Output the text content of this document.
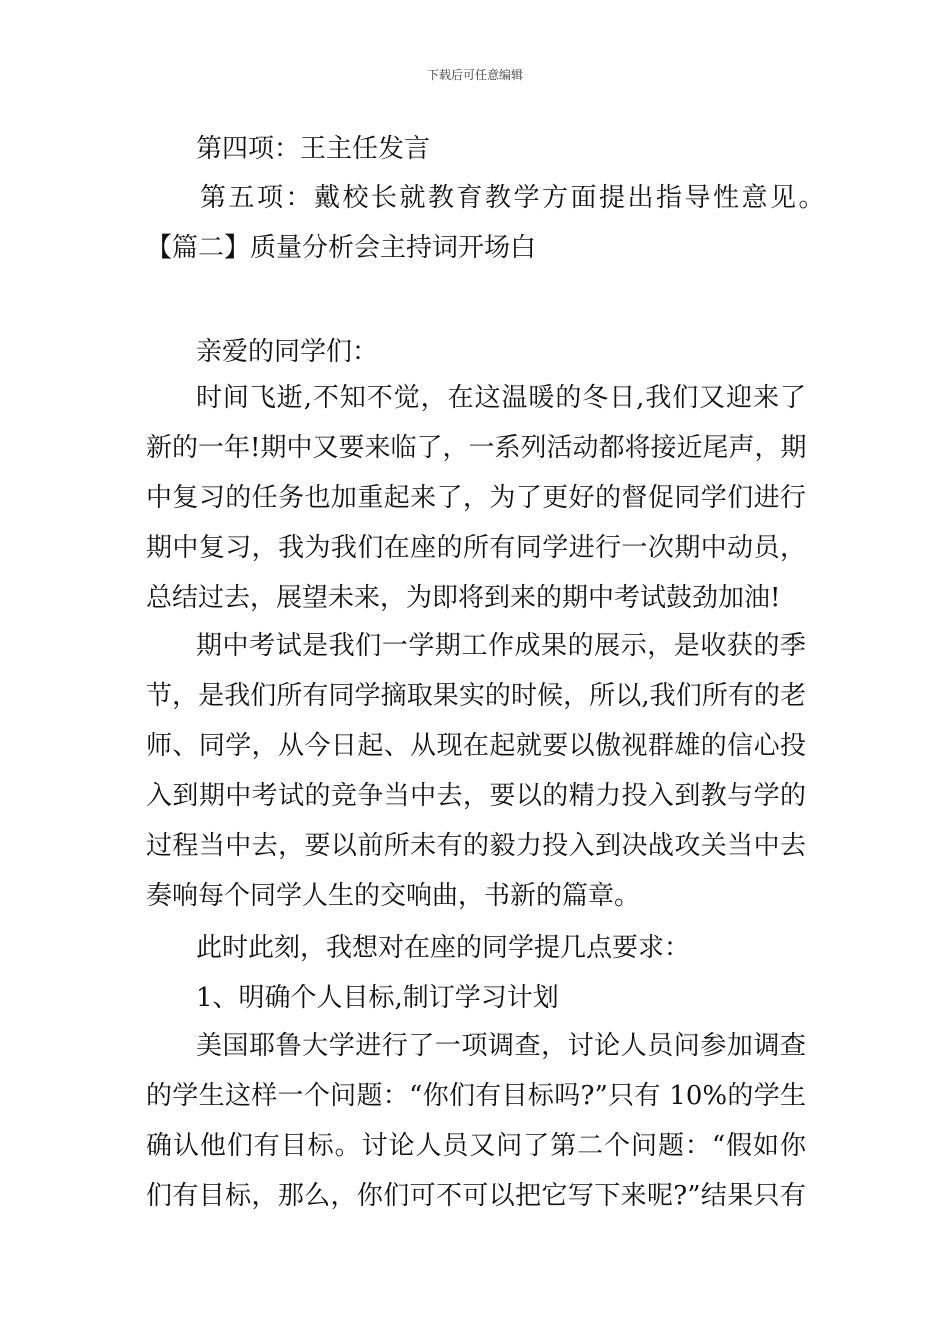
下载后可任意编辑
第四项：王主任发言
第五项：戴校长就教育教学方面提出指导性意见。
【篇二】质量分析会主持词开场白
亲爱的同学们：
时间飞逝,不知不觉，在这温暖的冬日,我们又迎来了
新的一年!期中又要来临了，一系列活动都将接近尾声，期
中复习的任务也加重起来了，为了更好的督促同学们进行
期中复习，我为我们在座的所有同学进行一次期中动员，
总结过去，展望未来，为即将到来的期中考试鼓劲加油!
期中考试是我们一学期工作成果的展示，是收获的季
节，是我们所有同学摘取果实的时候，所以,我们所有的老
师、同学，从今日起、从现在起就要以傲视群雄的信心投
入到期中考试的竞争当中去，要以的精力投入到教与学的
过程当中去，要以前所未有的毅力投入到决战攻关当中去
奏响每个同学人生的交响曲，书新的篇章。
此时此刻，我想对在座的同学提几点要求：
1、明确个人目标,制订学习计划
美国耶鲁大学进行了一项调查，讨论人员问参加调查
的学生这样一个问题：“你们有目标吗?”只有 10%的学生
确认他们有目标。讨论人员又问了第二个问题：“假如你
们有目标，那么，你们可不可以把它写下来呢?”结果只有
